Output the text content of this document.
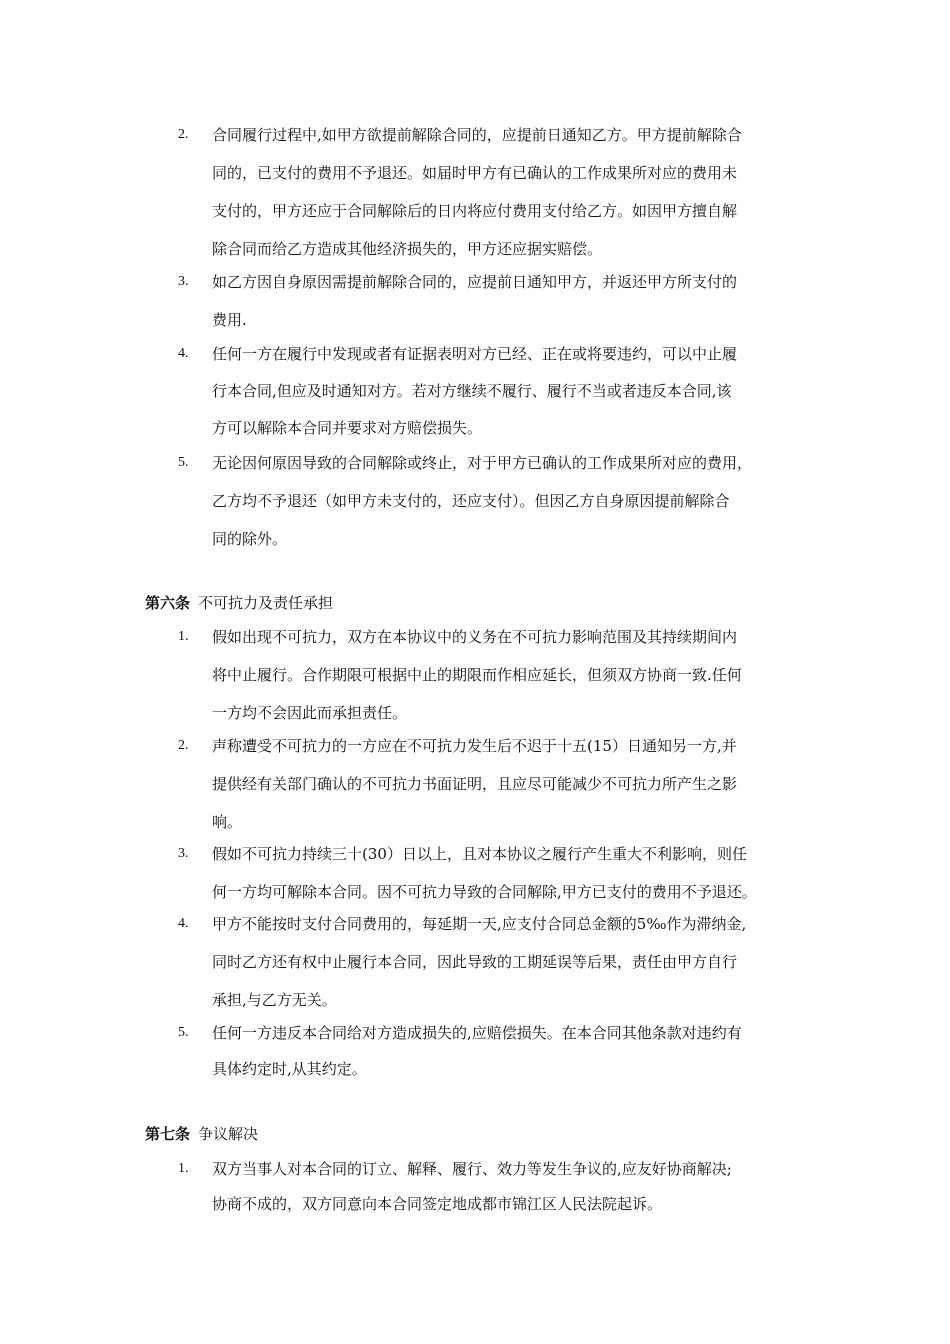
2. 合同履行过程中,如甲方欲提前解除合同的，应提前日通知乙方。甲方提前解除合
同的，已支付的费用不予退还。如届时甲方有已确认的工作成果所对应的费用未
支付的，甲方还应于合同解除后的日内将应付费用支付给乙方。如因甲方擅自解
除合同而给乙方造成其他经济损失的，甲方还应据实赔偿。
3. 如乙方因自身原因需提前解除合同的，应提前日通知甲方，并返还甲方所支付的
费用.
4. 任何一方在履行中发现或者有证据表明对方已经、正在或将要违约，可以中止履
行本合同,但应及时通知对方。若对方继续不履行、履行不当或者违反本合同,该
方可以解除本合同并要求对方赔偿损失。
5. 无论因何原因导致的合同解除或终止，对于甲方已确认的工作成果所对应的费用，
乙方均不予退还（如甲方未支付的，还应支付）。但因乙方自身原因提前解除合
同的除外。
第六条 不可抗力及责任承担
1. 假如出现不可抗力，双方在本协议中的义务在不可抗力影响范围及其持续期间内
将中止履行。合作期限可根据中止的期限而作相应延长，但须双方协商一致.任何
一方均不会因此而承担责任。
2. 声称遭受不可抗力的一方应在不可抗力发生后不迟于十五(15）日通知另一方,并
提供经有关部门确认的不可抗力书面证明，且应尽可能减少不可抗力所产生之影
响。
3. 假如不可抗力持续三十(30）日以上，且对本协议之履行产生重大不利影响，则任
何一方均可解除本合同。因不可抗力导致的合同解除,甲方已支付的费用不予退还。
4. 甲方不能按时支付合同费用的，每延期一天,应支付合同总金额的5‰作为滞纳金,
同时乙方还有权中止履行本合同，因此导致的工期延误等后果，责任由甲方自行
承担,与乙方无关。
5. 任何一方违反本合同给对方造成损失的,应赔偿损失。在本合同其他条款对违约有
具体约定时,从其约定。
第七条 争议解决
1. 双方当事人对本合同的订立、解释、履行、效力等发生争议的,应友好协商解决;
协商不成的，双方同意向本合同签定地成都市锦江区人民法院起诉。
